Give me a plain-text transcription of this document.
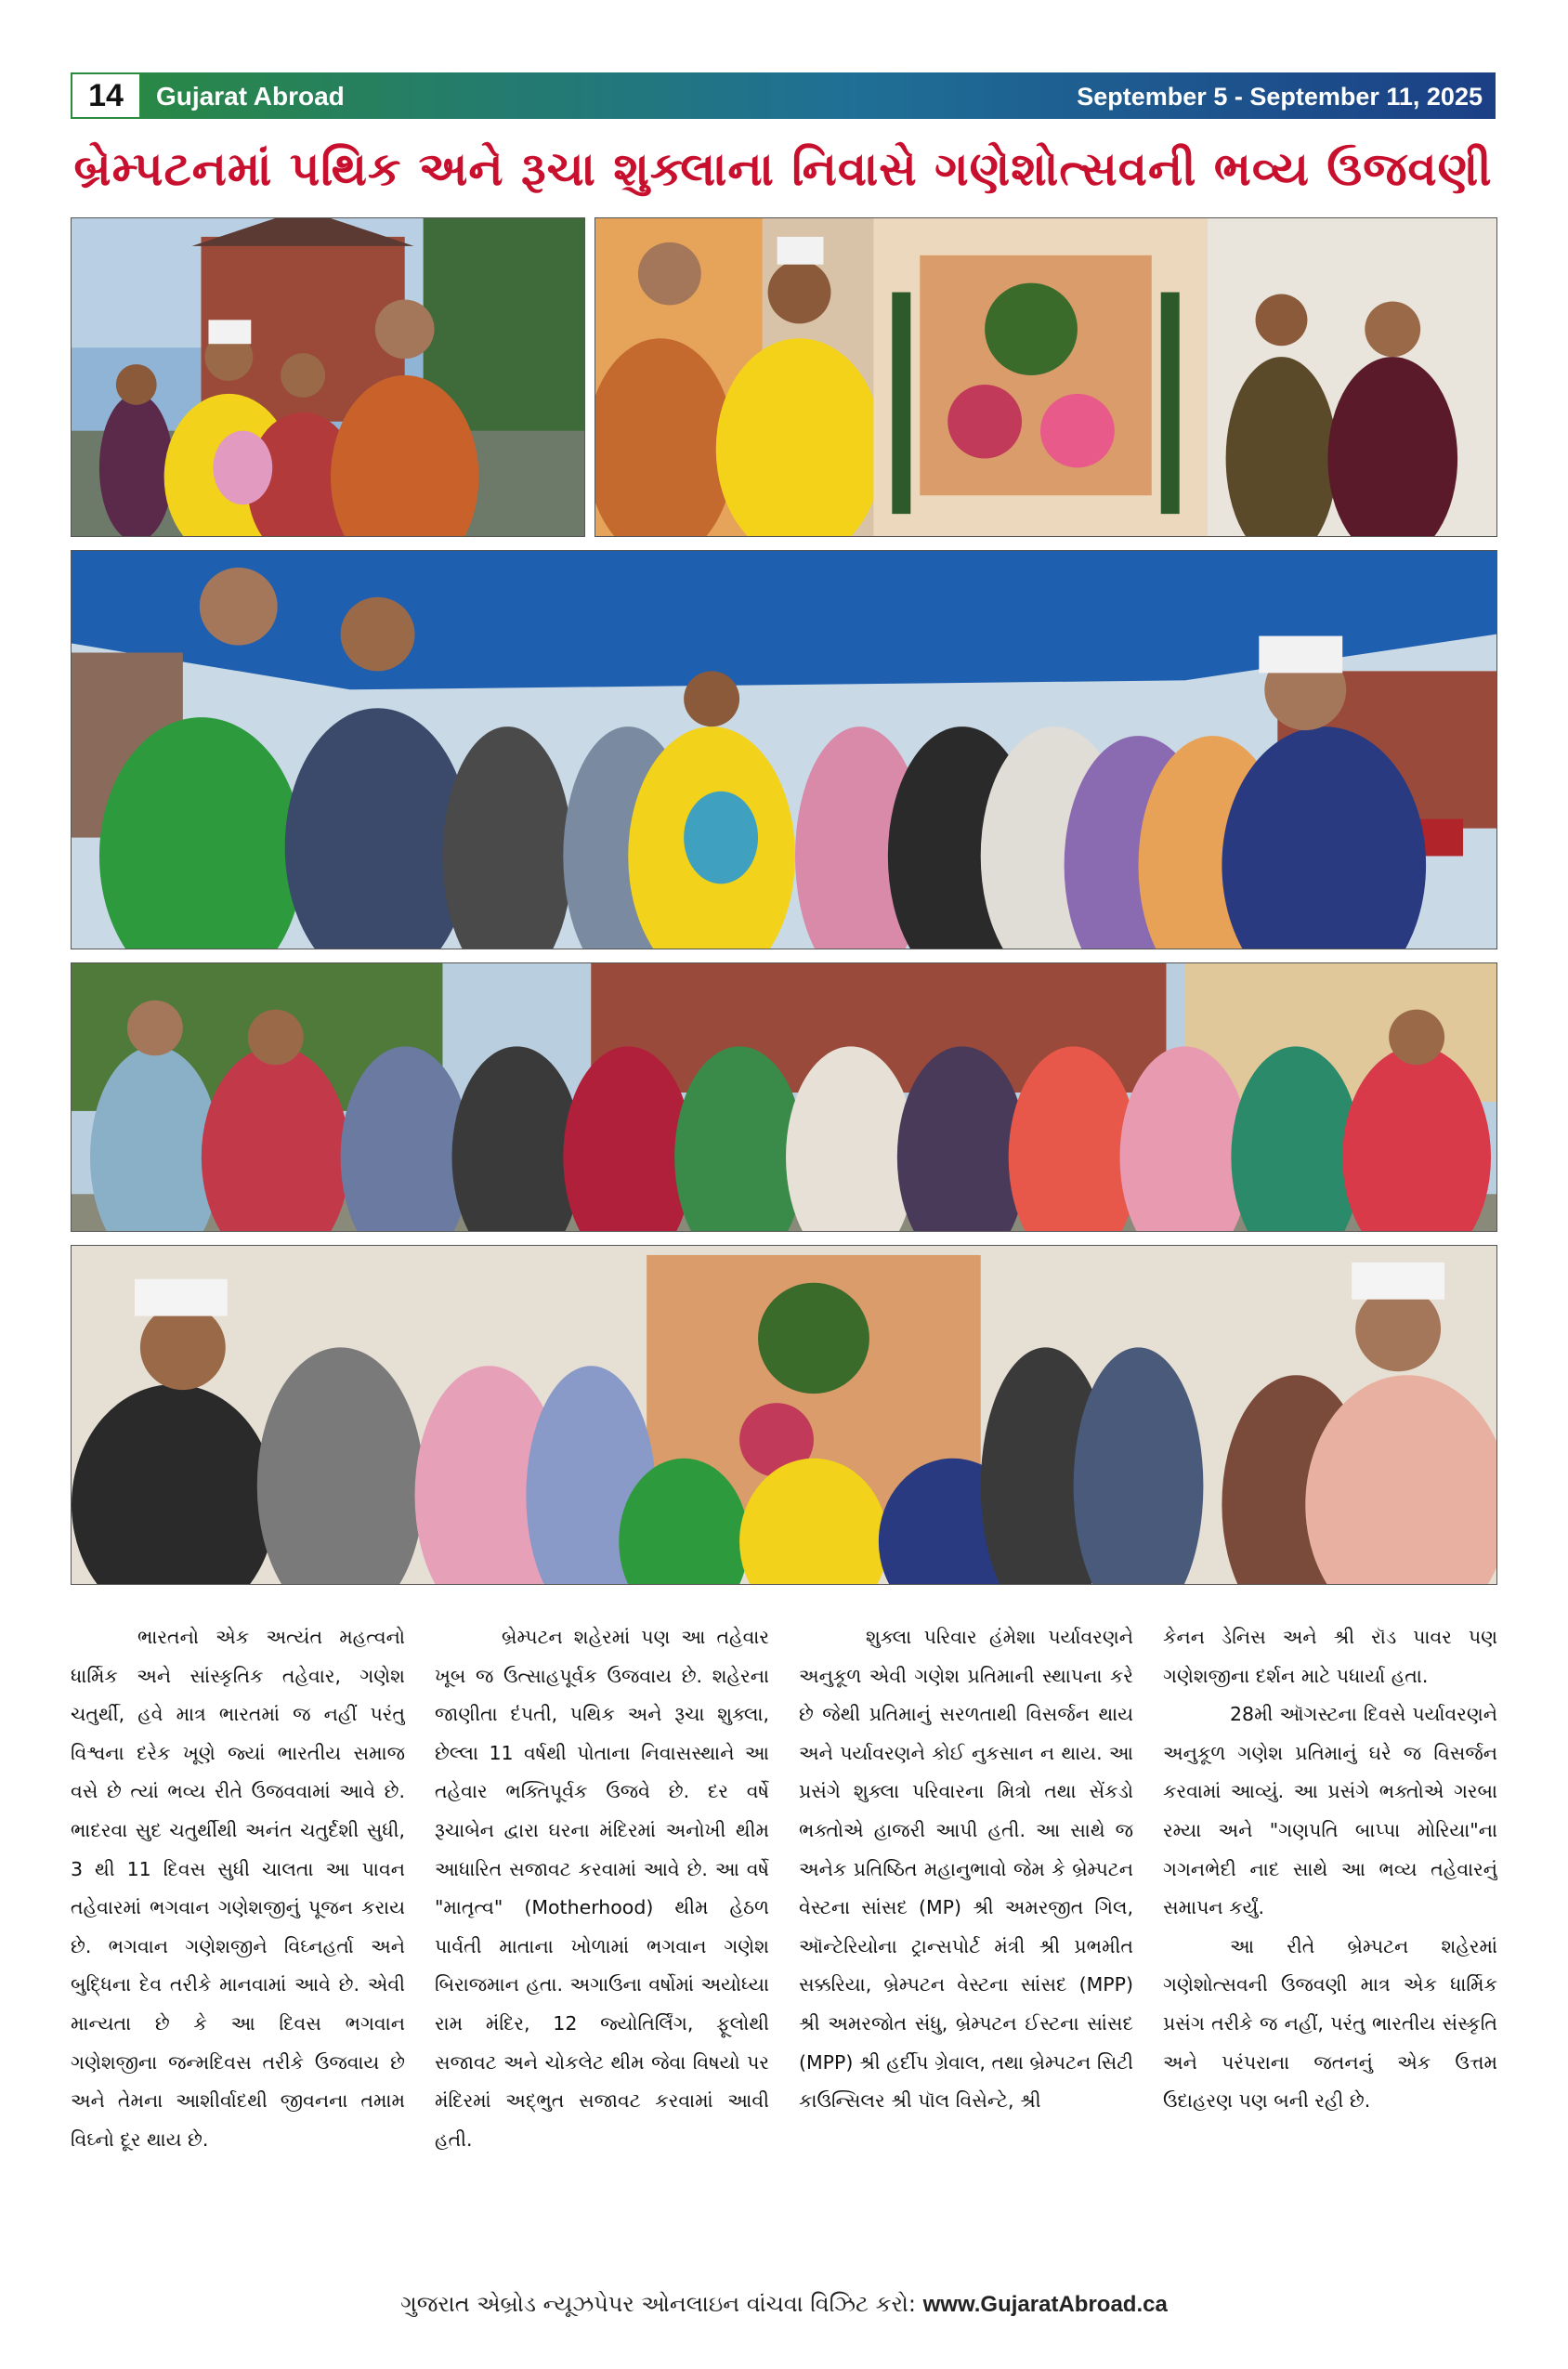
14 Gujarat Abroad	September 5 - September 11, 2025
બ્રેમ્પટનમાં પથિક અને રૂચા શુક્લાના નિવાસે ગણેશોત્સવની ભવ્ય ઉજવણી

ભારતનો એક અત્યંત મહત્વનો ધાર્મિક અને સાંસ્કૃતિક તહેવાર, ગણેશ ચતુર્થી, હવે માત્ર ભારતમાં જ નહીં પરંતુ વિશ્વના દરેક ખૂણે જ્યાં ભારતીય સમાજ વસે છે ત્યાં ભવ્ય રીતે ઉજવવામાં આવે છે. ભાદરવા સુદ ચતુર્થીથી અનંત ચતુર્દશી સુધી, 3 થી 11 દિવસ સુધી ચાલતા આ પાવન તહેવારમાં ભગવાન ગણેશજીનું પૂજન કરાય છે. ભગવાન ગણેશજીને વિઘ્નહર્તા અને બુદ્ધિના દેવ તરીકે માનવામાં આવે છે. એવી માન્યતા છે કે આ દિવસ ભગવાન ગણેશજીના જન્મદિવસ તરીકે ઉજવાય છે અને તેમના આશીર્વાદથી જીવનના તમામ વિઘ્નો દૂર થાય છે.

બ્રેમ્પટન શહેરમાં પણ આ તહેવાર ખૂબ જ ઉત્સાહપૂર્વક ઉજવાય છે. શહેરના જાણીતા દંપતી, પથિક અને રૂચા શુક્લા, છેલ્લા 11 વર્ષથી પોતાના નિવાસસ્થાને આ તહેવાર ભક્તિપૂર્વક ઉજવે છે. દર વર્ષે રૂચાબેન દ્વારા ઘરના મંદિરમાં અનોખી થીમ આધારિત સજાવટ કરવામાં આવે છે. આ વર્ષે "માતૃત્વ" (Motherhood) થીમ હેઠળ પાર્વતી માતાના ખોળામાં ભગવાન ગણેશ બિરાજમાન હતા. અગાઉના વર્ષોમાં અયોધ્યા રામ મંદિર, 12 જ્યોતિર્લિંગ, ફૂલોથી સજાવટ અને ચોકલેટ થીમ જેવા વિષયો પર મંદિરમાં અદ્ભુત સજાવટ કરવામાં આવી હતી.

શુક્લા પરિવાર હંમેશા પર્યાવરણને અનુકૂળ એવી ગણેશ પ્રતિમાની સ્થાપના કરે છે જેથી પ્રતિમાનું સરળતાથી વિસર્જન થાય અને પર્યાવરણને કોઈ નુકસાન ન થાય. આ પ્રસંગે શુક્લા પરિવારના મિત્રો તથા સેંકડો ભક્તોએ હાજરી આપી હતી. આ સાથે જ અનેક પ્રતિષ્ઠિત મહાનુભાવો જેમ કે બ્રેમ્પટન વેસ્ટના સાંસદ (MP) શ્રી અમરજીત ગિલ, ઑન્ટેરિયોના ટ્રાન્સપોર્ટ મંત્રી શ્રી પ્રભમીત સક્કરિયા, બ્રેમ્પટન વેસ્ટના સાંસદ (MPP) શ્રી અમરજોત સંધુ, બ્રેમ્પટન ઈસ્ટના સાંસદ (MPP) શ્રી હર્દીપ ગ્રેવાલ, તથા બ્રેમ્પટન સિટી કાઉન્સિલર શ્રી પૉલ વિસેન્ટે, શ્રી

કેનન ડેનિસ અને શ્રી રૉડ પાવર પણ ગણેશજીના દર્શન માટે પધાર્યા હતા.

28મી ઑગસ્ટના દિવસે પર્યાવરણને અનુકૂળ ગણેશ પ્રતિમાનું ઘરે જ વિસર્જન કરવામાં આવ્યું. આ પ્રસંગે ભક્તોએ ગરબા રમ્યા અને "ગણપતિ બાપ્પા મોરિયા"ના ગગનભેદી નાદ સાથે આ ભવ્ય તહેવારનું સમાપન કર્યું.

આ રીતે બ્રેમ્પટન શહેરમાં ગણેશોત્સવની ઉજવણી માત્ર એક ધાર્મિક પ્રસંગ તરીકે જ નહીં, પરંતુ ભારતીય સંસ્કૃતિ અને પરંપરાના જતનનું એક ઉત્તમ ઉદાહરણ પણ બની રહી છે.

ગુજરાત એબ્રોડ ન્યૂઝપેપર ઓનલાઇન વાંચવા વિઝિટ કરો: www.GujaratAbroad.ca
